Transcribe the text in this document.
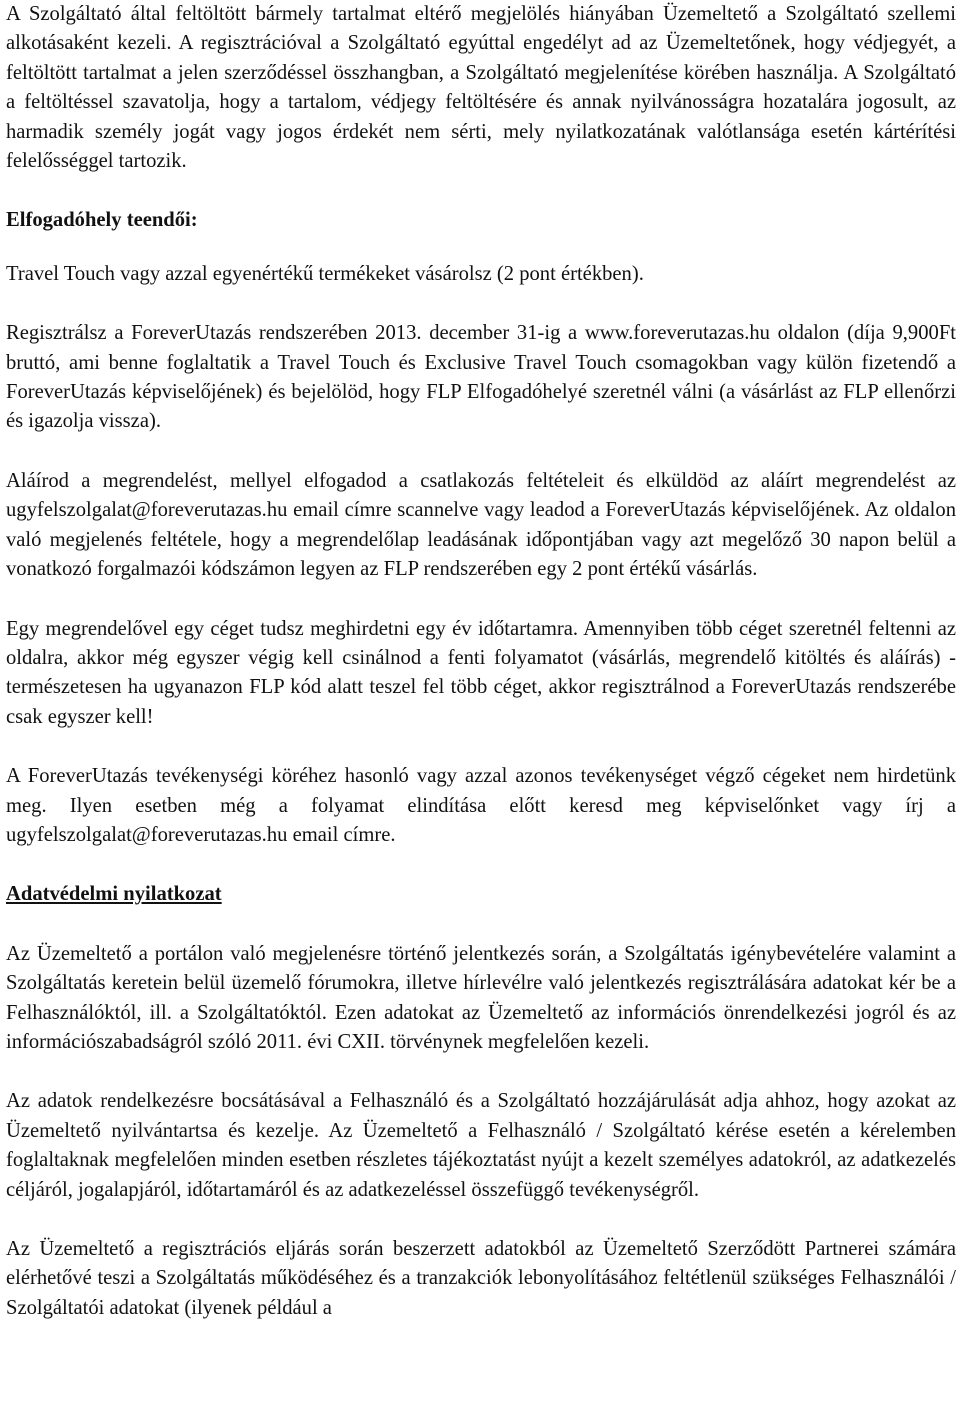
A Szolgáltató által feltöltött bármely tartalmat eltérő megjelölés hiányában Üzemeltető a Szolgáltató szellemi alkotásaként kezeli. A regisztrációval a Szolgáltató egyúttal engedélyt ad az Üzemeltetőnek, hogy védjegyét, a feltöltött tartalmat a jelen szerződéssel összhangban, a Szolgáltató megjelenítése körében használja. A Szolgáltató a feltöltéssel szavatolja, hogy a tartalom, védjegy feltöltésére és annak nyilvánosságra hozatalára jogosult, az harmadik személy jogát vagy jogos érdekét nem sérti, mely nyilatkozatának valótlansága esetén kártérítési felelősséggel tartozik.

Elfogadóhely teendői:

Travel Touch vagy azzal egyenértékű termékeket vásárolsz (2 pont értékben).

Regisztrálsz a ForeverUtazás rendszerében 2013. december 31-ig a www.foreverutazas.hu oldalon (díja 9,900Ft bruttó, ami benne foglaltatik a Travel Touch és Exclusive Travel Touch csomagokban vagy külön fizetendő a ForeverUtazás képviselőjének) és bejelölöd, hogy FLP Elfogadóhelyé szeretnél válni (a vásárlást az FLP ellenőrzi és igazolja vissza).

Aláírod a megrendelést, mellyel elfogadod a csatlakozás feltételeit és elküldöd az aláírt megrendelést az ugyfelszolgalat@foreverutazas.hu email címre scannelve vagy leadod a ForeverUtazás képviselőjének. Az oldalon való megjelenés feltétele, hogy a megrendelőlap leadásának időpontjában vagy azt megelőző 30 napon belül a vonatkozó forgalmazói kódszámon legyen az FLP rendszerében egy 2 pont értékű vásárlás.

Egy megrendelővel egy céget tudsz meghirdetni egy év időtartamra. Amennyiben több céget szeretnél feltenni az oldalra, akkor még egyszer végig kell csinálnod a fenti folyamatot (vásárlás, megrendelő kitöltés és aláírás) - természetesen ha ugyanazon FLP kód alatt teszel fel több céget, akkor regisztrálnod a ForeverUtazás rendszerébe csak egyszer kell!

A ForeverUtazás tevékenységi köréhez hasonló vagy azzal azonos tevékenységet végző cégeket nem hirdetünk meg. Ilyen esetben még a folyamat elindítása előtt keresd meg képviselőnket vagy írj a ugyfelszolgalat@foreverutazas.hu email címre.

Adatvédelmi nyilatkozat

Az Üzemeltető a portálon való megjelenésre történő jelentkezés során, a Szolgáltatás igénybevételére valamint a Szolgáltatás keretein belül üzemelő fórumokra, illetve hírlevélre való jelentkezés regisztrálására adatokat kér be a Felhasználóktól, ill. a Szolgáltatóktól. Ezen adatokat az Üzemeltető az információs önrendelkezési jogról és az információszabadságról szóló 2011. évi CXII. törvénynek megfelelően kezeli.

Az adatok rendelkezésre bocsátásával a Felhasználó és a Szolgáltató hozzájárulását adja ahhoz, hogy azokat az Üzemeltető nyilvántartsa és kezelje. Az Üzemeltető a Felhasználó / Szolgáltató kérése esetén a kérelemben foglaltaknak megfelelően minden esetben részletes tájékoztatást nyújt a kezelt személyes adatokról, az adatkezelés céljáról, jogalapjáról, időtartamáról és az adatkezeléssel összefüggő tevékenységről.

Az Üzemeltető a regisztrációs eljárás során beszerzett adatokból az Üzemeltető Szerződött Partnerei számára elérhetővé teszi a Szolgáltatás működéséhez és a tranzakciók lebonyolításához feltétlenül szükséges Felhasználói / Szolgáltatói adatokat (ilyenek például a
